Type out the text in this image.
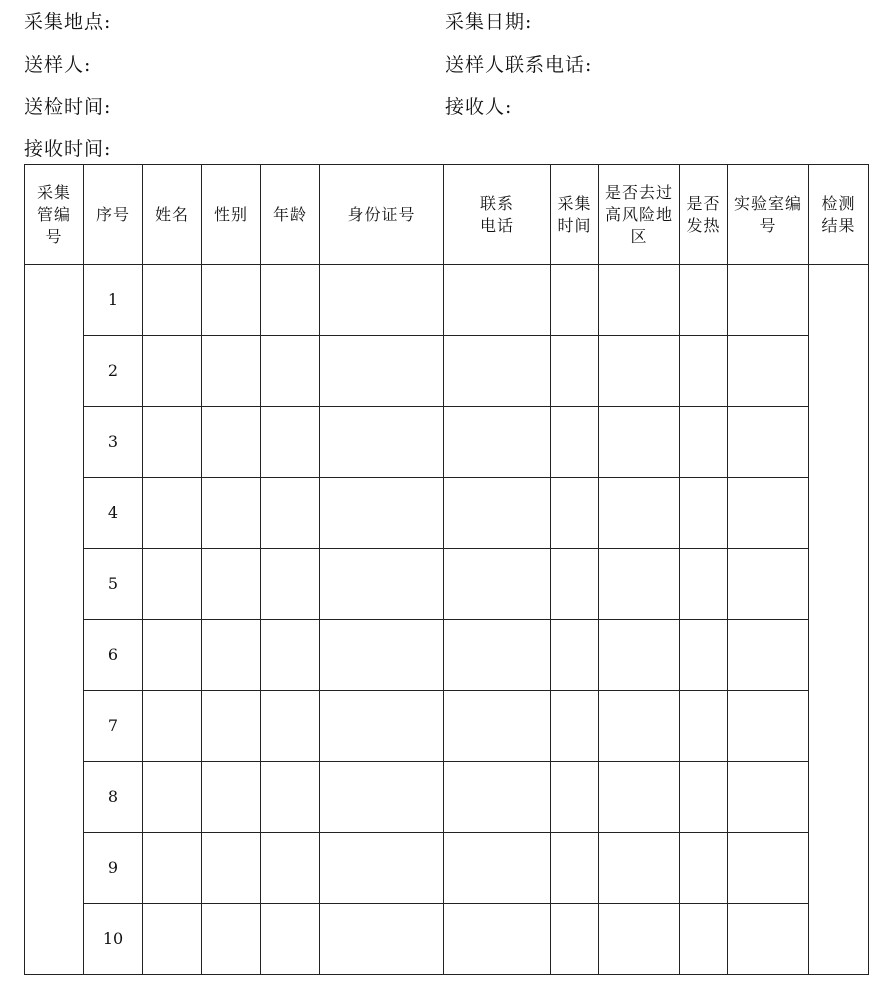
采集地点:	采集日期:
送样人:	送样人联系电话:
送检时间:	接收人:
接收时间:
采集管编号	序号	姓名	性别	年龄	身份证号	联系电话	采集时间	是否去过高风险地区	是否发热	实验室编号	检测结果
	1										
	2										
	3										
	4										
	5										
	6										
	7										
	8										
	9										
	10										
